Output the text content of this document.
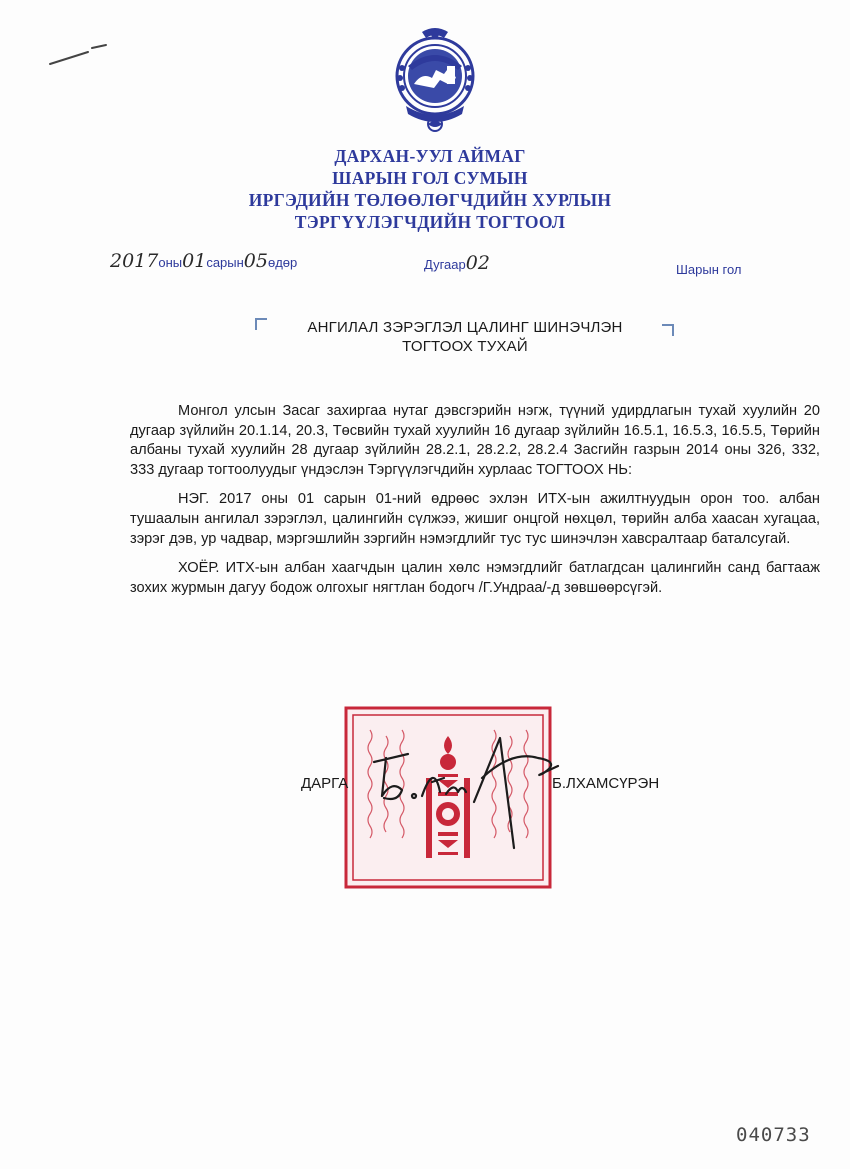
ДАРХАН-УУЛ АЙМАГ
ШАРЫН ГОЛ СУМЫН
ИРГЭДИЙН ТӨЛӨӨЛӨГЧДИЙН ХУРЛЫН
ТЭРГҮҮЛЭГЧДИЙН ТОГТООЛ
2017оны01сарын05өдөр	Дугаар02	Шарын гол
АНГИЛАЛ ЗЭРЭГЛЭЛ ЦАЛИНГ ШИНЭЧЛЭН
ТОГТООХ ТУХАЙ

Монгол улсын Засаг захиргаа нутаг дэвсгэрийн нэгж, түүний удирдлагын тухай хуулийн 20 дугаар зүйлийн 20.1.14, 20.3, Төсвийн тухай хуулийн 16 дугаар зүйлийн 16.5.1, 16.5.3, 16.5.5, Төрийн албаны тухай хуулийн 28 дугаар зүйлийн 28.2.1, 28.2.2, 28.2.4 Засгийн газрын 2014 оны 326, 332, 333 дугаар тогтоолуудыг үндэслэн Тэргүүлэгчдийн хурлаас ТОГТООХ НЬ:

НЭГ. 2017 оны 01 сарын 01-ний өдрөөс эхлэн ИТХ-ын ажилтнуудын орон тоо. албан тушаалын ангилал зэрэглэл, цалингийн сүлжээ, жишиг онцгой нөхцөл, төрийн алба хаасан хугацаа, зэрэг дэв, ур чадвар, мэргэшлийн зэргийн нэмэгдлийг тус тус шинэчлэн хавсралтаар баталсугай.

ХОЁР. ИТХ-ын албан хаагчдын цалин хөлс нэмэгдлийг батлагдсан цалингийн санд багтааж зохих журмын дагуу бодож олгохыг нягтлан бодогч /Г.Ундраа/-д зөвшөөрсүгэй.

ДАРГА	Б.ЛХАМСҮРЭН
040733
